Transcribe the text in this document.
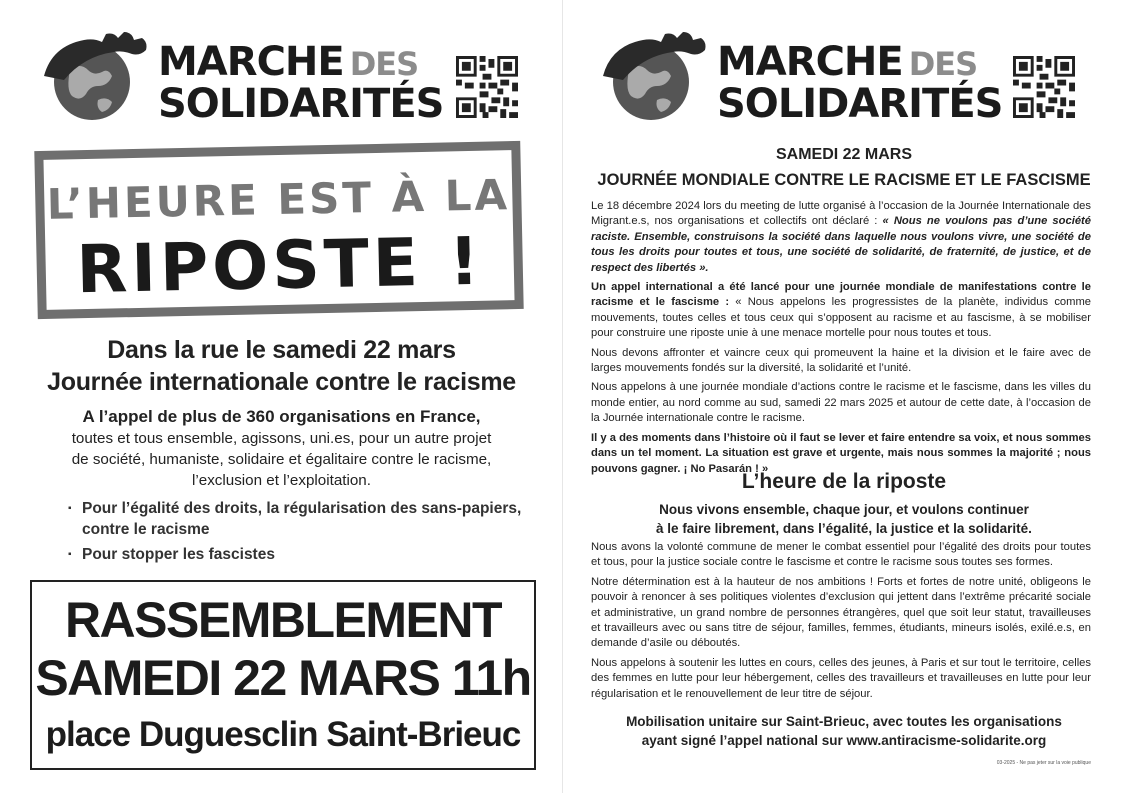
MARCHE DES
SOLIDARITÉS
L’HEURE EST À LA
RIPOSTE !
Dans la rue le samedi 22 mars
Journée internationale contre le racisme
A l’appel de plus de 360 organisations en France,
toutes et tous ensemble, agissons, uni.es, pour un autre projet
de société, humaniste, solidaire et égalitaire contre le racisme,
l’exclusion et l’exploitation.
▪ Pour l’égalité des droits, la régularisation des sans-papiers,
contre le racisme
▪ Pour stopper les fascistes
RASSEMBLEMENT
SAMEDI 22 MARS 11h
place Duguesclin Saint-Brieuc
MARCHE DES
SOLIDARITÉS
SAMEDI 22 MARS
JOURNÉE MONDIALE CONTRE LE RACISME ET LE FASCISME

Le 18 décembre 2024 lors du meeting de lutte organisé à l’occasion de la Journée Internationale des Migrant.e.s, nos organisations et collectifs ont déclaré : « Nous ne voulons pas d’une société raciste. Ensemble, construisons la société dans laquelle nous voulons vivre, une société de tous les droits pour toutes et tous, une société de solidarité, de fraternité, de justice, et de respect des libertés ».

Un appel international a été lancé pour une journée mondiale de manifestations contre le racisme et le fascisme : « Nous appelons les progressistes de la planète, individus comme mouvements, toutes celles et tous ceux qui s’opposent au racisme et au fascisme, à se mobiliser pour construire une riposte unie à une menace mortelle pour nous toutes et tous.

Nous devons affronter et vaincre ceux qui promeuvent la haine et la division et le faire avec de larges mouvements fondés sur la diversité, la solidarité et l’unité.

Nous appelons à une journée mondiale d’actions contre le racisme et le fascisme, dans les villes du monde entier, au nord comme au sud, samedi 22 mars 2025 et autour de cette date, à l’occasion de la Journée internationale contre le racisme.

Il y a des moments dans l’histoire où il faut se lever et faire entendre sa voix, et nous sommes dans un tel moment. La situation est grave et urgente, mais nous sommes la majorité ; nous pouvons gagner. ¡ No Pasarán ! »

L’heure de la riposte
Nous vivons ensemble, chaque jour, et voulons continuer
à le faire librement, dans l’égalité, la justice et la solidarité.

Nous avons la volonté commune de mener le combat essentiel pour l’égalité des droits pour toutes et tous, pour la justice sociale contre le fascisme et contre le racisme sous toutes ses formes.

Notre détermination est à la hauteur de nos ambitions ! Forts et fortes de notre unité, obligeons le pouvoir à renoncer à ses politiques violentes d’exclusion qui jettent dans l’extrême précarité sociale et administrative, un grand nombre de personnes étrangères, quel que soit leur statut, travailleuses et travailleurs avec ou sans titre de séjour, familles, femmes, étudiants, mineurs isolés, exilé.e.s, en demande d’asile ou déboutés.

Nous appelons à soutenir les luttes en cours, celles des jeunes, à Paris et sur tout le territoire, celles des femmes en lutte pour leur hébergement, celles des travailleurs et travailleuses en lutte pour leur régularisation et le renouvellement de leur titre de séjour.

Mobilisation unitaire sur Saint-Brieuc, avec toutes les organisations
ayant signé l’appel national sur www.antiracisme-solidarite.org
03-2025 - Ne pas jeter sur la voie publique
